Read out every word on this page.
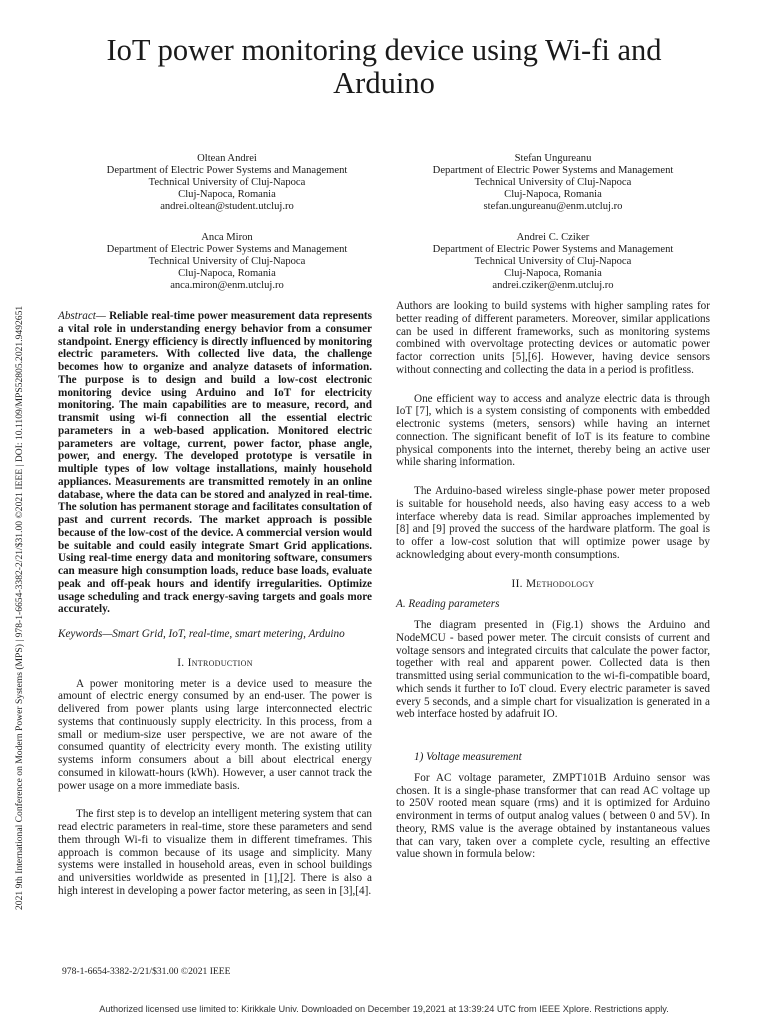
IoT power monitoring device using Wi-fi and
Arduino
Oltean Andrei
Department of Electric Power Systems and Management
Technical University of Cluj-Napoca
Cluj-Napoca, Romania
andrei.oltean@student.utcluj.ro
Stefan Ungureanu
Department of Electric Power Systems and Management
Technical University of Cluj-Napoca
Cluj-Napoca, Romania
stefan.ungureanu@enm.utcluj.ro
Anca Miron
Department of Electric Power Systems and Management
Technical University of Cluj-Napoca
Cluj-Napoca, Romania
anca.miron@enm.utcluj.ro
Andrei C. Cziker
Department of Electric Power Systems and Management
Technical University of Cluj-Napoca
Cluj-Napoca, Romania
andrei.cziker@enm.utcluj.ro
2021 9th International Conference on Modern Power Systems (MPS) | 978-1-6654-3382-2/21/$31.00 ©2021 IEEE | DOI: 10.1109/MPS52805.2021.9492651	Abstract— Reliable real-time power measurement data represents a vital role in understanding energy behavior from a consumer standpoint. Energy efficiency is directly influenced by monitoring electric parameters. With collected live data, the challenge becomes how to organize and analyze datasets of information. The purpose is to design and build a low-cost electronic monitoring device using Arduino and IoT for electricity monitoring. The main capabilities are to measure, record, and transmit using wi-fi connection all the essential electric parameters in a web-based application. Monitored electric parameters are voltage, current, power factor, phase angle, power, and energy. The developed prototype is versatile in multiple types of low voltage installations, mainly household appliances. Measurements are transmitted remotely in an online database, where the data can be stored and analyzed in real-time. The solution has permanent storage and facilitates consultation of past and current records. The market approach is possible because of the low-cost of the device. A commercial version would be suitable and could easily integrate Smart Grid applications. Using real-time energy data and monitoring software, consumers can measure high consumption loads, reduce base loads, evaluate peak and off-peak hours and identify irregularities. Optimize usage scheduling and track energy-saving targets and goals more accurately.

Keywords—Smart Grid, IoT, real-time, smart metering, Arduino

I. Introduction

A power monitoring meter is a device used to measure the amount of electric energy consumed by an end-user. The power is delivered from power plants using large interconnected electric systems that continuously supply electricity. In this process, from a small or medium-size user perspective, we are not aware of the consumed quantity of electricity every month. The existing utility systems inform consumers about a bill about electrical energy consumed in kilowatt-hours (kWh). However, a user cannot track the power usage on a more immediate basis.

The first step is to develop an intelligent metering system that can read electric parameters in real-time, store these parameters and send them through Wi-fi to visualize them in different timeframes. This approach is common because of its usage and simplicity. Many systems were installed in household areas, even in school buildings and universities worldwide as presented in [1],[2]. There is also a high interest in developing a power factor metering, as seen in [3],[4].

Authors are looking to build systems with higher sampling rates for better reading of different parameters. Moreover, similar applications can be used in different frameworks, such as monitoring systems combined with overvoltage protecting devices or automatic power factor correction units [5],[6]. However, having device sensors without connecting and collecting the data in a period is profitless.

One efficient way to access and analyze electric data is through IoT [7], which is a system consisting of components with embedded electronic systems (meters, sensors) while having an internet connection. The significant benefit of IoT is its feature to combine physical components into the internet, thereby being an active user while sharing information.

The Arduino-based wireless single-phase power meter proposed is suitable for household needs, also having easy access to a web interface whereby data is read. Similar approaches implemented by [8] and [9] proved the success of the hardware platform. The goal is to offer a low-cost solution that will optimize power usage by acknowledging about every-month consumptions.

II. Methodology

A. Reading parameters

The diagram presented in (Fig.1) shows the Arduino and NodeMCU - based power meter. The circuit consists of current and voltage sensors and integrated circuits that calculate the power factor, together with real and apparent power. Collected data is then transmitted using serial communication to the wi-fi-compatible board, which sends it further to IoT cloud. Every electric parameter is saved every 5 seconds, and a simple chart for visualization is generated in a web interface hosted by adafruit IO.

1) Voltage measurement

For AC voltage parameter, ZMPT101B Arduino sensor was chosen. It is a single-phase transformer that can read AC voltage up to 250V rooted mean square (rms) and it is optimized for Arduino environment in terms of output analog values ( between 0 and 5V). In theory, RMS value is the average obtained by instantaneous values that can vary, taken over a complete cycle, resulting an effective value shown in formula below:

978-1-6654-3382-2/21/$31.00 ©2021 IEEE
Authorized licensed use limited to: Kirikkale Univ. Downloaded on December 19,2021 at 13:39:24 UTC from IEEE Xplore. Restrictions apply.
